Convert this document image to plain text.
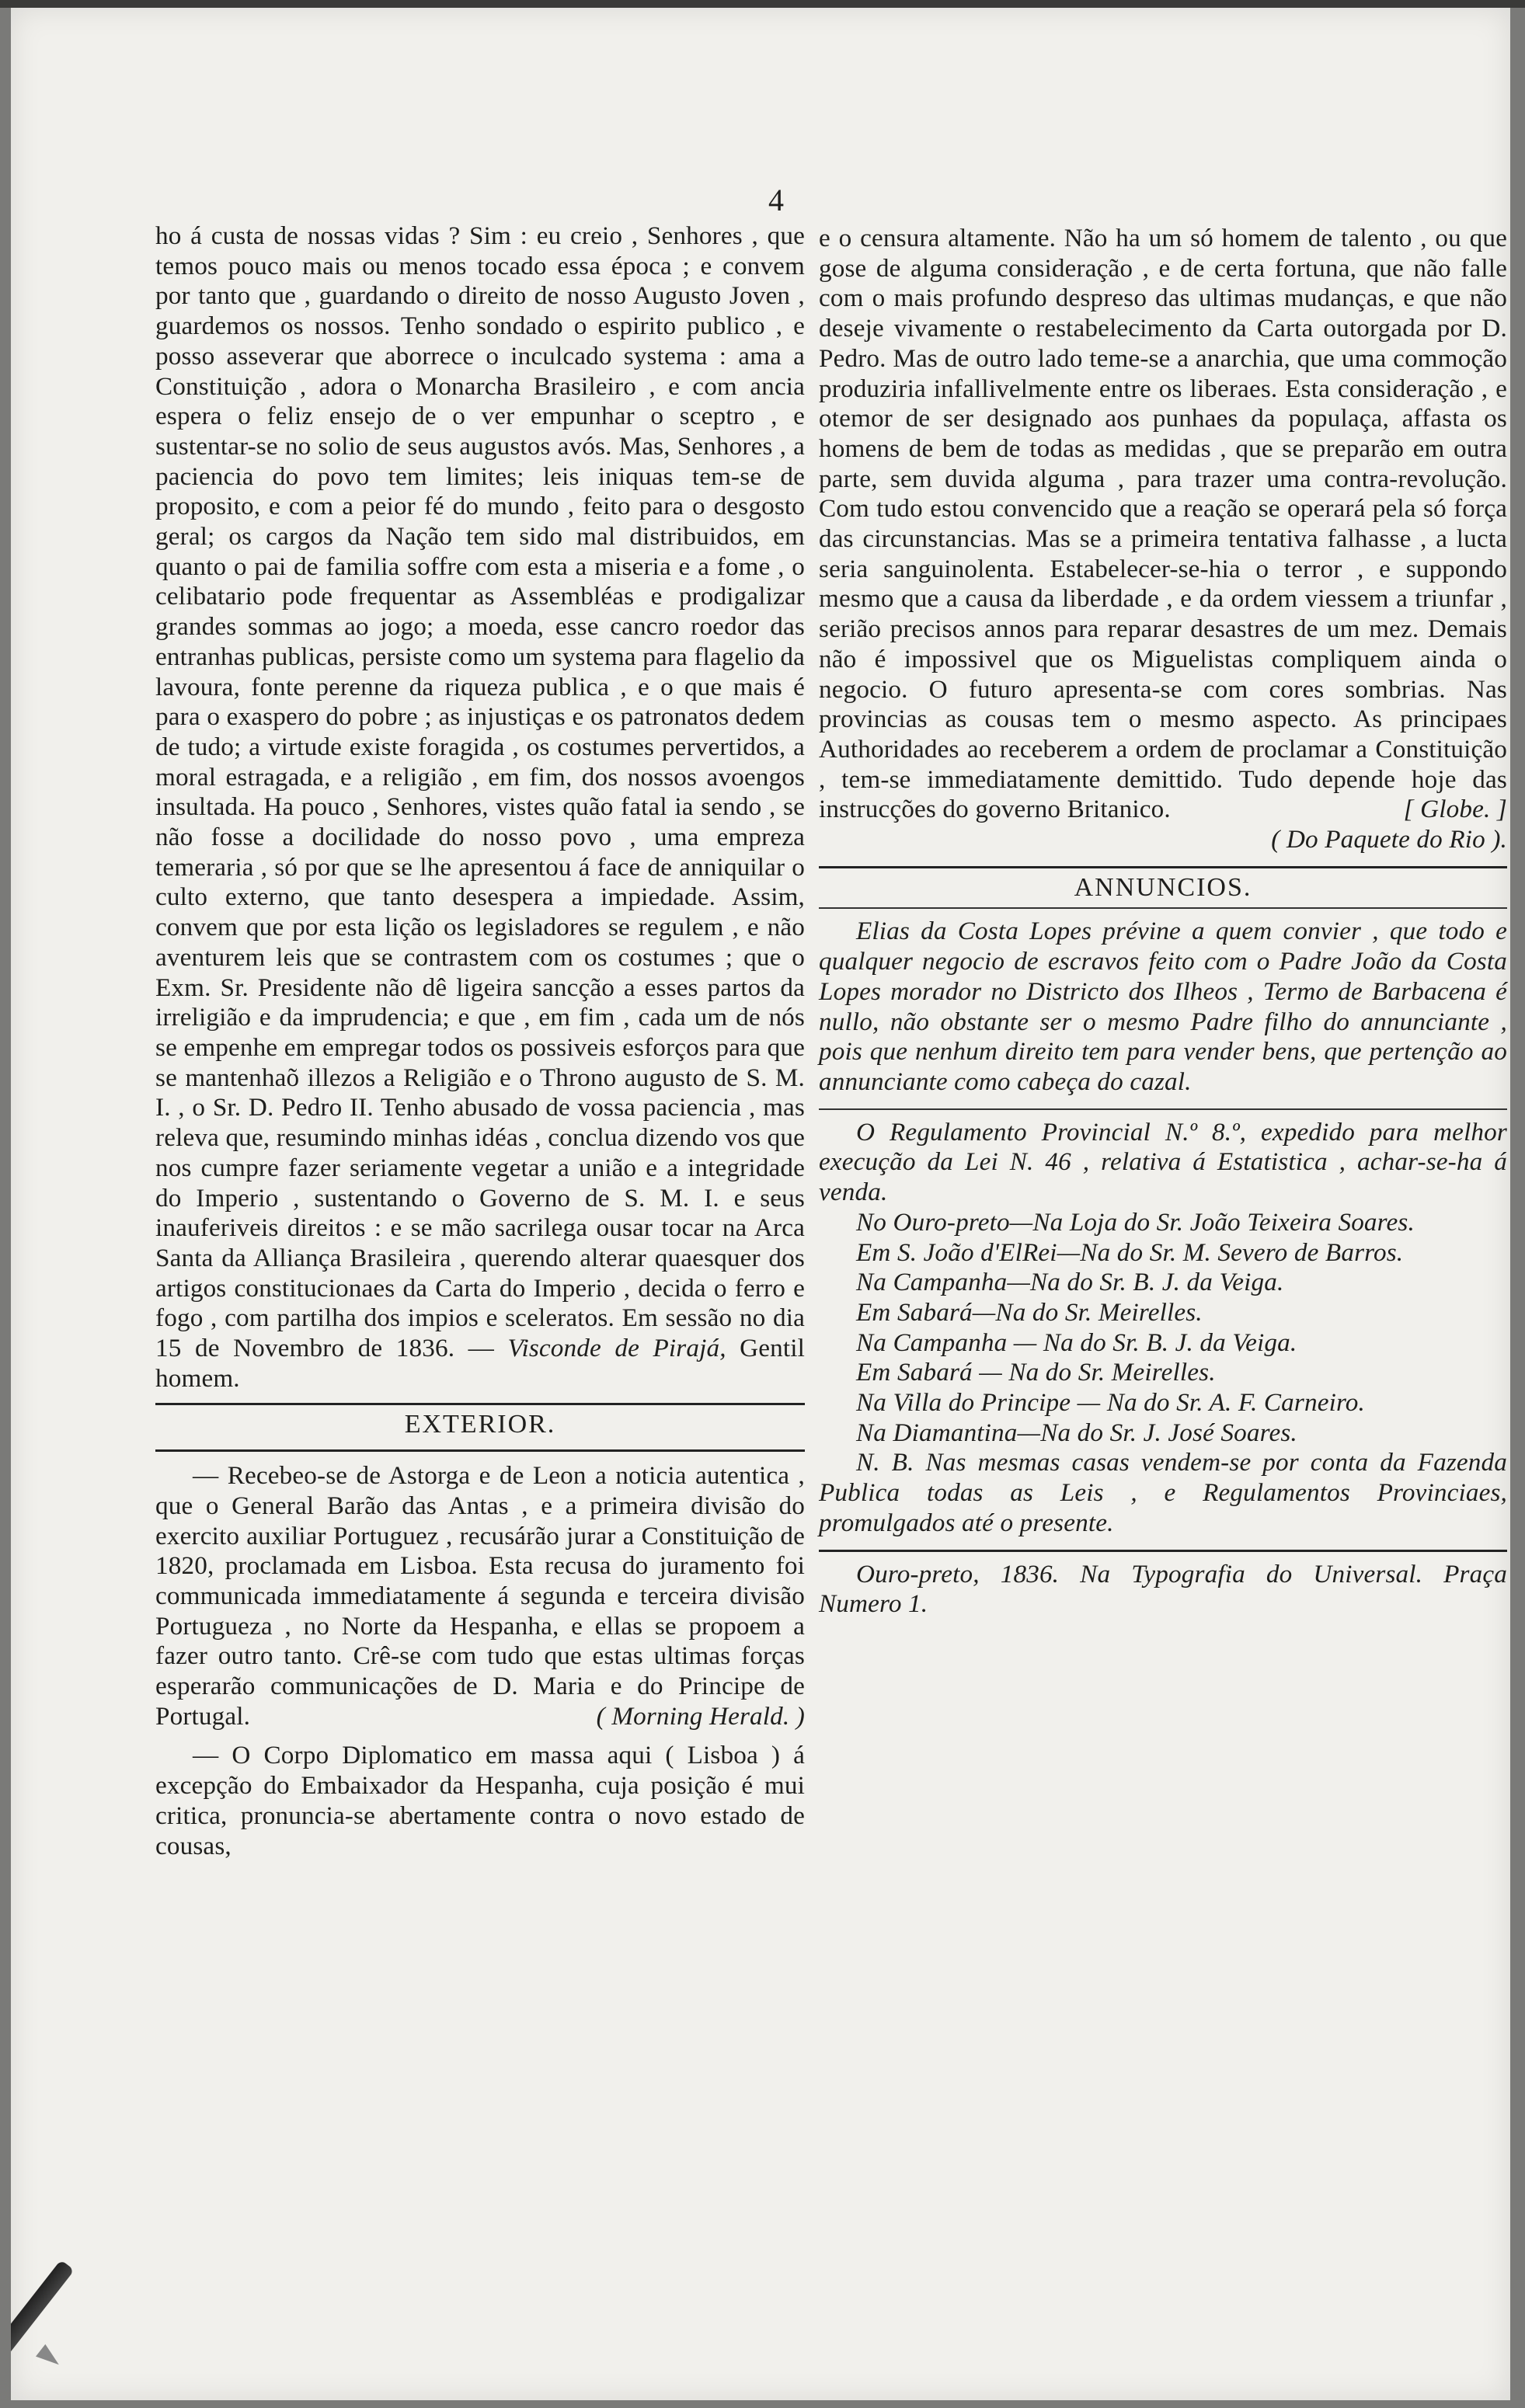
4

ho á custa de nossas vidas ? Sim : eu creio , Senhores , que temos pouco mais ou menos tocado essa época ; e convem por tanto que , guardando o direito de nosso Augusto Joven , guardemos os nossos. Tenho sondado o espirito publico , e posso asseverar que aborrece o inculcado systema : ama a Constituição , adora o Monarcha Brasileiro , e com ancia espera o feliz ensejo de o ver empunhar o sceptro , e sustentar-se no solio de seus augustos avós. Mas, Senhores , a paciencia do povo tem limites; leis iniquas tem-se de proposito, e com a peior fé do mundo , feito para o desgosto geral; os cargos da Nação tem sido mal distribuidos, em quanto o pai de familia soffre com esta a miseria e a fome , o celibatario pode frequentar as Assembléas e prodigalizar grandes sommas ao jogo; a moeda, esse cancro roedor das entranhas publicas, persiste como um systema para flagelio da lavoura, fonte perenne da riqueza publica , e o que mais é para o exaspero do pobre ; as injustiças e os patronatos dedem de tudo; a virtude existe foragida , os costumes pervertidos, a moral estragada, e a religião , em fim, dos nossos avoengos insultada. Ha pouco , Senhores, vistes quão fatal ia sendo , se não fosse a docilidade do nosso povo , uma empreza temeraria , só por que se lhe apresentou á face de anniquilar o culto externo, que tanto desespera a impiedade. Assim, convem que por esta lição os legisladores se regulem , e não aventurem leis que se contrastem com os costumes ; que o Exm. Sr. Presidente não dê ligeira sancção a esses partos da irreligião e da imprudencia; e que , em fim , cada um de nós se empenhe em empregar todos os possiveis esforços para que se mantenhaõ illezos a Religião e o Throno augusto de S. M. I. , o Sr. D. Pedro II. Tenho abusado de vossa paciencia , mas releva que, resumindo minhas idéas , conclua dizendo vos que nos cumpre fazer seriamente vegetar a união e a integridade do Imperio , sustentando o Governo de S. M. I. e seus inauferiveis direitos : e se mão sacrilega ousar tocar na Arca Santa da Alliança Brasileira , querendo alterar quaesquer dos artigos constitucionaes da Carta do Imperio , decida o ferro e fogo , com partilha dos impios e sceleratos. Em sessão no dia 15 de Novembro de 1836. — Visconde de Pirajá, Gentil homem.

EXTERIOR.

— Recebeo-se de Astorga e de Leon a noticia autentica , que o General Barão das Antas , e a primeira divisão do exercito auxiliar Portuguez , recusárão jurar a Constituição de 1820, proclamada em Lisboa. Esta recusa do juramento foi communicada immediatamente á segunda e terceira divisão Portugueza , no Norte da Hespanha, e ellas se propoem a fazer outro tanto. Crê-se com tudo que estas ultimas forças esperarão communicações de D. Maria e do Principe de Portugal.	( Morning Herald. )

— O Corpo Diplomatico em massa aqui ( Lisboa ) á excepção do Embaixador da Hespanha, cuja posição é mui critica, pronuncia-se abertamente contra o novo estado de cousas,

e o censura altamente. Não ha um só homem de talento , ou que gose de alguma consideração , e de certa fortuna, que não falle com o mais profundo despreso das ultimas mudanças, e que não deseje vivamente o restabelecimento da Carta outorgada por D. Pedro. Mas de outro lado teme-se a anarchia, que uma commoção produziria infallivelmente entre os liberaes. Esta consideração , e otemor de ser designado aos punhaes da populaça, affasta os homens de bem de todas as medidas , que se preparão em outra parte, sem duvida alguma , para trazer uma contra-revolução. Com tudo estou convencido que a reação se operará pela só força das circunstancias. Mas se a primeira tentativa falhasse , a lucta seria sanguinolenta. Estabelecer-se-hia o terror , e suppondo mesmo que a causa da liberdade , e da ordem viessem a triunfar , serião precisos annos para reparar desastres de um mez. Demais não é impossivel que os Miguelistas compliquem ainda o negocio. O futuro apresenta-se com cores sombrias. Nas provincias as cousas tem o mesmo aspecto. As principaes Authoridades ao receberem a ordem de proclamar a Constituição , tem-se immediatamente demittido. Tudo depende hoje das instrucções do governo Britanico.	[ Globe. ]

( Do Paquete do Rio ).

ANNUNCIOS.

Elias da Costa Lopes prévine a quem convier , que todo e qualquer negocio de escravos feito com o Padre João da Costa Lopes morador no Districto dos Ilheos , Termo de Barbacena é nullo, não obstante ser o mesmo Padre filho do annunciante , pois que nenhum direito tem para vender bens, que pertenção ao annunciante como cabeça do cazal.

O Regulamento Provincial N.º 8.º, expedido para melhor execução da Lei N. 46 , relativa á Estatistica , achar-se-ha á venda.

No Ouro-preto—Na Loja do Sr. João Teixeira Soares.

Em S. João d'ElRei—Na do Sr. M. Severo de Barros.

Na Campanha—Na do Sr. B. J. da Veiga.

Em Sabará—Na do Sr. Meirelles.

Na Campanha — Na do Sr. B. J. da Veiga.

Em Sabará — Na do Sr. Meirelles.

Na Villa do Principe — Na do Sr. A. F. Carneiro.

Na Diamantina—Na do Sr. J. José Soares.

N. B. Nas mesmas casas vendem-se por conta da Fazenda Publica todas as Leis , e Regulamentos Provinciaes, promulgados até o presente.

Ouro-preto, 1836. Na Typografia do Universal. Praça Numero 1.
